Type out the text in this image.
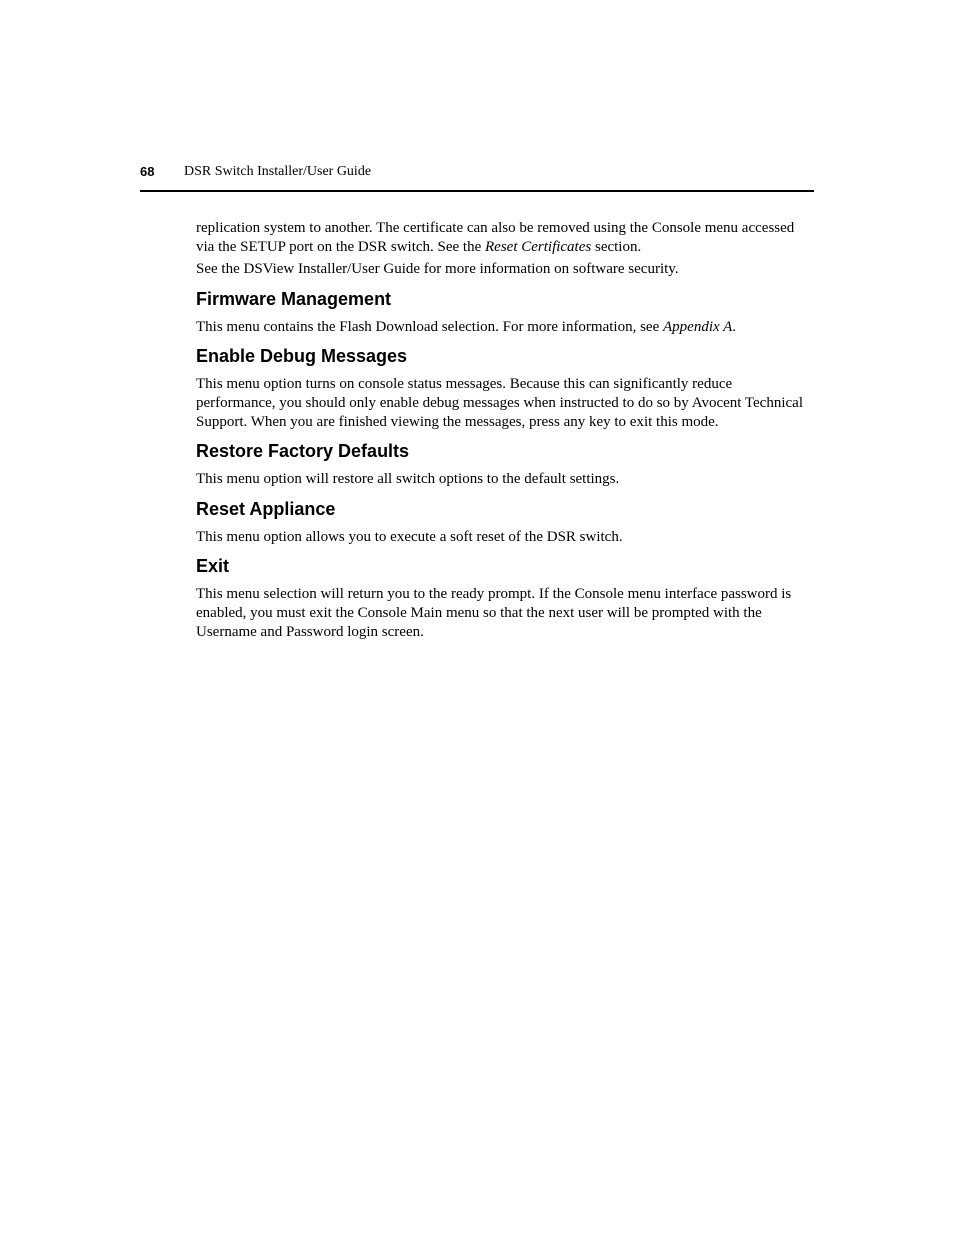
68 DSR Switch Installer/User Guide

replication system to another. The certificate can also be removed using the Console menu accessed via the SETUP port on the DSR switch. See the Reset Certificates section.

See the DSView Installer/User Guide for more information on software security.

Firmware Management

This menu contains the Flash Download selection. For more information, see Appendix A.

Enable Debug Messages

This menu option turns on console status messages. Because this can significantly reduce performance, you should only enable debug messages when instructed to do so by Avocent Technical Support. When you are finished viewing the messages, press any key to exit this mode.

Restore Factory Defaults

This menu option will restore all switch options to the default settings.

Reset Appliance

This menu option allows you to execute a soft reset of the DSR switch.

Exit

This menu selection will return you to the ready prompt. If the Console menu interface password is enabled, you must exit the Console Main menu so that the next user will be prompted with the Username and Password login screen.
